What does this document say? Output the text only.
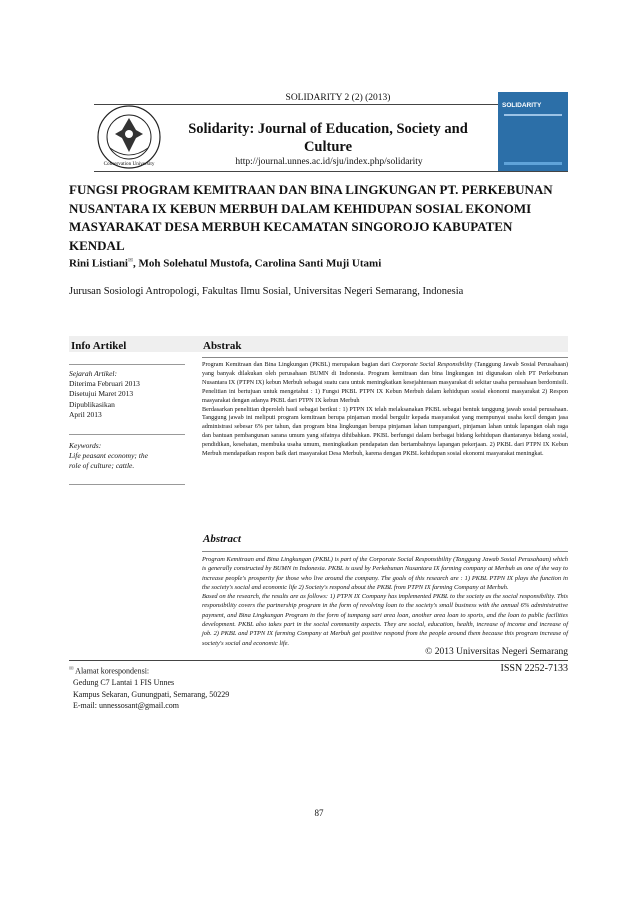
SOLIDARITY 2 (2) (2013)
Conservation University
Solidarity: Journal of Education, Society and Culture
http://journal.unnes.ac.id/sju/index.php/solidarity
SOLIDARITY
FUNGSI PROGRAM KEMITRAAN DAN BINA LINGKUNGAN PT. PERKEBUNAN NUSANTARA IX KEBUN MERBUH DALAM KEHIDUPAN SOSIAL EKONOMI MASYARAKAT DESA MERBUH KECAMATAN SINGOROJO KABUPATEN KENDAL
Rini Listiani✉, Moh Solehatul Mustofa, Carolina Santi Muji Utami
Jurusan Sosiologi Antropologi, Fakultas Ilmu Sosial, Universitas Negeri Semarang, Indonesia
Info Artikel	Abstrak
Sejarah Artikel:
Diterima Februari 2013
Disetujui Maret 2013
Dipublikasikan
April 2013
Keywords:
Life peasant economy; the
role of culture; cattle.

Program Kemitraan dan Bina Lingkungan (PKBL) merupakan bagian dari Corporate Social Responsibility (Tanggung Jawab Sosial Perusahaan) yang banyak dilakukan oleh perusahaan BUMN di Indonesia. Program kemitraan dan bina lingkungan ini digunakan oleh PT Perkebunan Nusantara IX (PTPN IX) kebun Merbuh sebagai suatu cara untuk meningkatkan kesejahteraan masyarakat di sekitar usaha perusahaan berdomisili. Penelitian ini bertujuan untuk mengetahui : 1) Fungsi PKBL PTPN IX Kebun Merbuh dalam kehidupan sosial ekonomi masyarakat 2) Respon masyarakat dengan adanya PKBL dari PTPN IX kebun Merbuh

Berdasarkan penelitian diperoleh hasil sebagai berikut : 1) PTPN IX telah melaksanakan PKBL sebagai bentuk tanggung jawab sosial perusahaan. Tanggung jawab ini meliputi program kemitraan berupa pinjaman modal bergulir kepada masyarakat yang mempunyai usaha kecil dengan jasa administrasi sebesar 6% per tahun, dan program bina lingkungan berupa pinjaman lahan tumpangsari, pinjaman lahan untuk lapangan olah raga dan bantuan pembangunan sarana umum yang sifatnya dihibahkan. PKBL berfungsi dalam berbagai bidang kehidupan diantaranya bidang sosial, pendidikan, kesehatan, membuka usaha umum, meningkatkan pendapatan dan bertambahnya lapangan pekerjaan. 2) PKBL dari PTPN IX Kebun Merbuh mendapatkan respon baik dari masyarakat Desa Merbuh, karena dengan PKBL kehidupan sosial ekonomi masyarakat meningkat.

Abstract

Program Kemitraan and Bina Lingkungan (PKBL) is part of the Corporate Social Responsibility (Tanggung Jawab Sosial Perusahaan) which is generally constructed by BUMN in Indonesia. PKBL is used by Perkebunan Nusantara IX farming company at Merbuh as one of the way to increase people's prosperity for those who live around the company. The goals of this research are : 1) PKBL PTPN IX plays the function in the society's social and economic life 2) Society's respond about the PKBL from PTPN IX farming Company at Merbuh.

Based on the research, the results are as follows: 1) PTPN IX Company has implemented PKBL to the society as the social responsibility. This responsibility covers the partnership program in the form of revolving loan to the society's small business with the annual 6% administrative payment, and Bina Lingkungan Program in the form of tumpang sari area loan, another area loan to sports, and the loan to public facilities development. PKBL also takes part in the social community aspects. They are social, education, health, increase of income and increase of job. 2) PKBL and PTPN IX farming Company at Merbuh get positive respond from the people around them because this program increase of society's social and economic life.

© 2013 Universitas Negeri Semarang
✉ Alamat korespondensi:
Gedung C7 Lantai 1 FIS Unnes
Kampus Sekaran, Gunungpati, Semarang, 50229
E-mail: unnessosant@gmail.com
ISSN 2252-7133
87
